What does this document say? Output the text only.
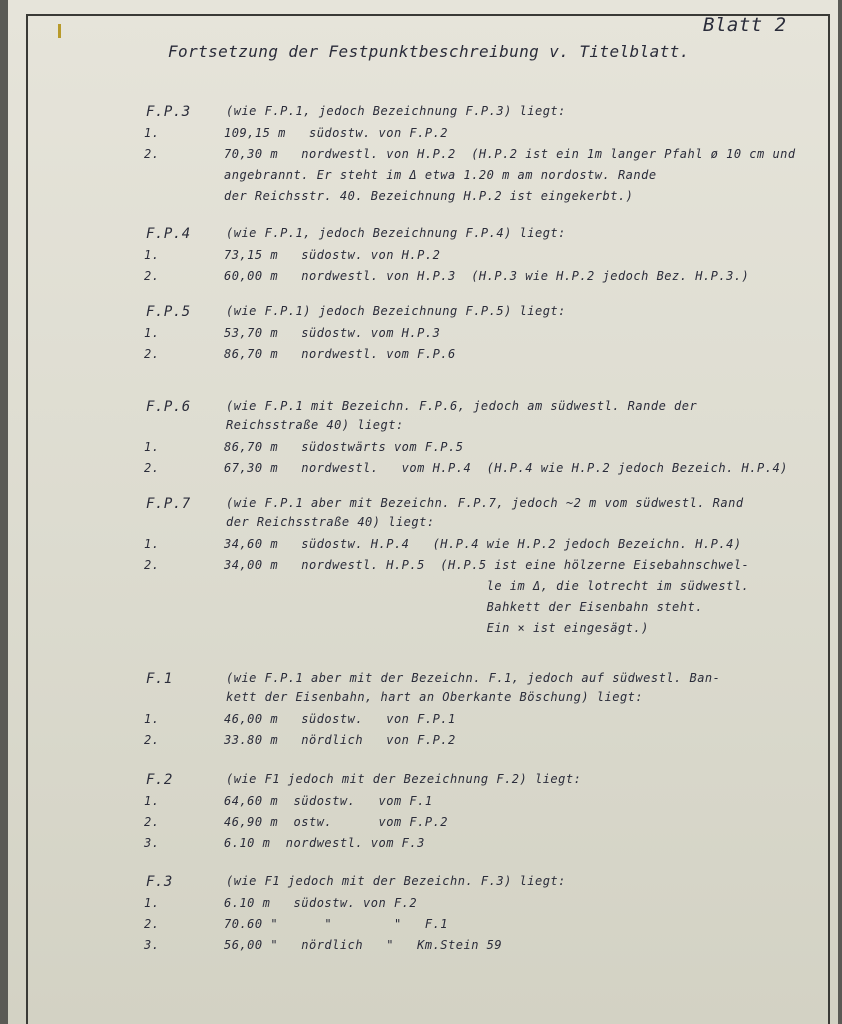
Blatt 2
Fortsetzung der Festpunktbeschreibung v. Titelblatt.
F.P.3	(wie F.P.1, jedoch Bezeichnung F.P.3) liegt:
1.	109,15 m   südostw. von F.P.2
2.	70,30 m   nordwestl. von H.P.2  (H.P.2 ist ein 1m langer Pfahl ø 10 cm und
angebrannt. Er steht im Δ etwa 1.20 m am nordostw. Rande
der Reichsstr. 40. Bezeichnung H.P.2 ist eingekerbt.)
F.P.4	(wie F.P.1, jedoch Bezeichnung F.P.4) liegt:
1.	73,15 m   südostw. von H.P.2
2.	60,00 m   nordwestl. von H.P.3  (H.P.3 wie H.P.2 jedoch Bez. H.P.3.)
F.P.5	(wie F.P.1) jedoch Bezeichnung F.P.5) liegt:
1.	53,70 m   südostw. vom H.P.3
2.	86,70 m   nordwestl. vom F.P.6
F.P.6	(wie F.P.1 mit Bezeichn. F.P.6, jedoch am südwestl. Rande der
Reichsstraße 40) liegt:
1.	86,70 m   südostwärts vom F.P.5
2.	67,30 m   nordwestl.   vom H.P.4  (H.P.4 wie H.P.2 jedoch Bezeich. H.P.4)
F.P.7	(wie F.P.1 aber mit Bezeichn. F.P.7, jedoch ~2 m vom südwestl. Rand
der Reichsstraße 40) liegt:
1.	34,60 m   südostw. H.P.4   (H.P.4 wie H.P.2 jedoch Bezeichn. H.P.4)
2.	34,00 m   nordwestl. H.P.5  (H.P.5 ist eine hölzerne Eisebahnschwel-
le im Δ, die lotrecht im südwestl.
Bahkett der Eisenbahn steht.
Ein × ist eingesägt.)
F.1	(wie F.P.1 aber mit der Bezeichn. F.1, jedoch auf südwestl. Ban-
kett der Eisenbahn, hart an Oberkante Böschung) liegt:
1.	46,00 m   südostw.   von F.P.1
2.	33.80 m   nördlich   von F.P.2
F.2	(wie F1 jedoch mit der Bezeichnung F.2) liegt:
1.	64,60 m  südostw.   vom F.1
2.	46,90 m  ostw.      vom F.P.2
3.	6.10 m  nordwestl. vom F.3
F.3	(wie F1 jedoch mit der Bezeichn. F.3) liegt:
1.	6.10 m   südostw. von F.2
2.	70.60 "      "        "   F.1
3.	56,00 "   nördlich   "   Km.Stein 59
